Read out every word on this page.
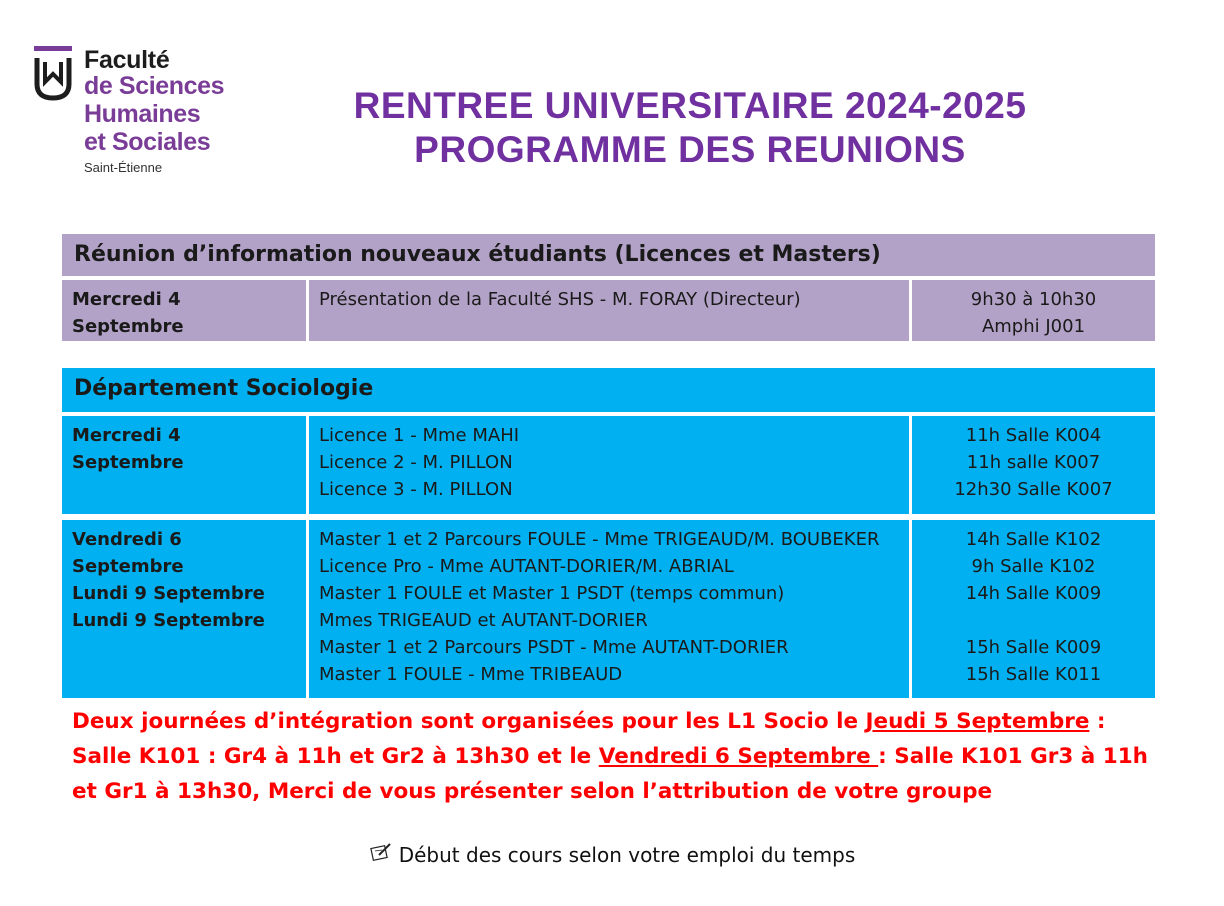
Faculté
de Sciences
Humaines
et Sociales
Saint-Étienne
RENTREE UNIVERSITAIRE 2024-2025
PROGRAMME DES REUNIONS
Réunion d’information nouveaux étudiants (Licences et Masters)
Mercredi 4 Septembre
Présentation de la Faculté SHS - M. FORAY (Directeur)	9h30 à 10h30
Amphi J001
Département Sociologie
Mercredi 4 Septembre
Licence 1 - Mme MAHI
Licence 2 - M. PILLON
Licence 3 - M. PILLON
11h Salle K004
11h salle K007
12h30 Salle K007
Vendredi 6 Septembre
Lundi 9 Septembre
Lundi 9 Septembre
Master 1 et 2 Parcours FOULE - Mme TRIGEAUD/M. BOUBEKER
Licence Pro - Mme AUTANT-DORIER/M. ABRIAL
Master 1 FOULE et Master 1 PSDT (temps commun)
Mmes TRIGEAUD et AUTANT-DORIER
Master 1 et 2 Parcours PSDT - Mme AUTANT-DORIER
Master 1 FOULE - Mme TRIBEAUD
14h Salle K102
9h Salle K102
14h Salle K009
15h Salle K009
15h Salle K011
Deux journées d’intégration sont organisées pour les L1 Socio le Jeudi 5 Septembre : Salle K101 : Gr4 à 11h et Gr2 à 13h30 et le Vendredi 6 Septembre : Salle K101 Gr3 à 11h et Gr1 à 13h30, Merci de vous présenter selon l’attribution de votre groupe
Début des cours selon votre emploi du temps
